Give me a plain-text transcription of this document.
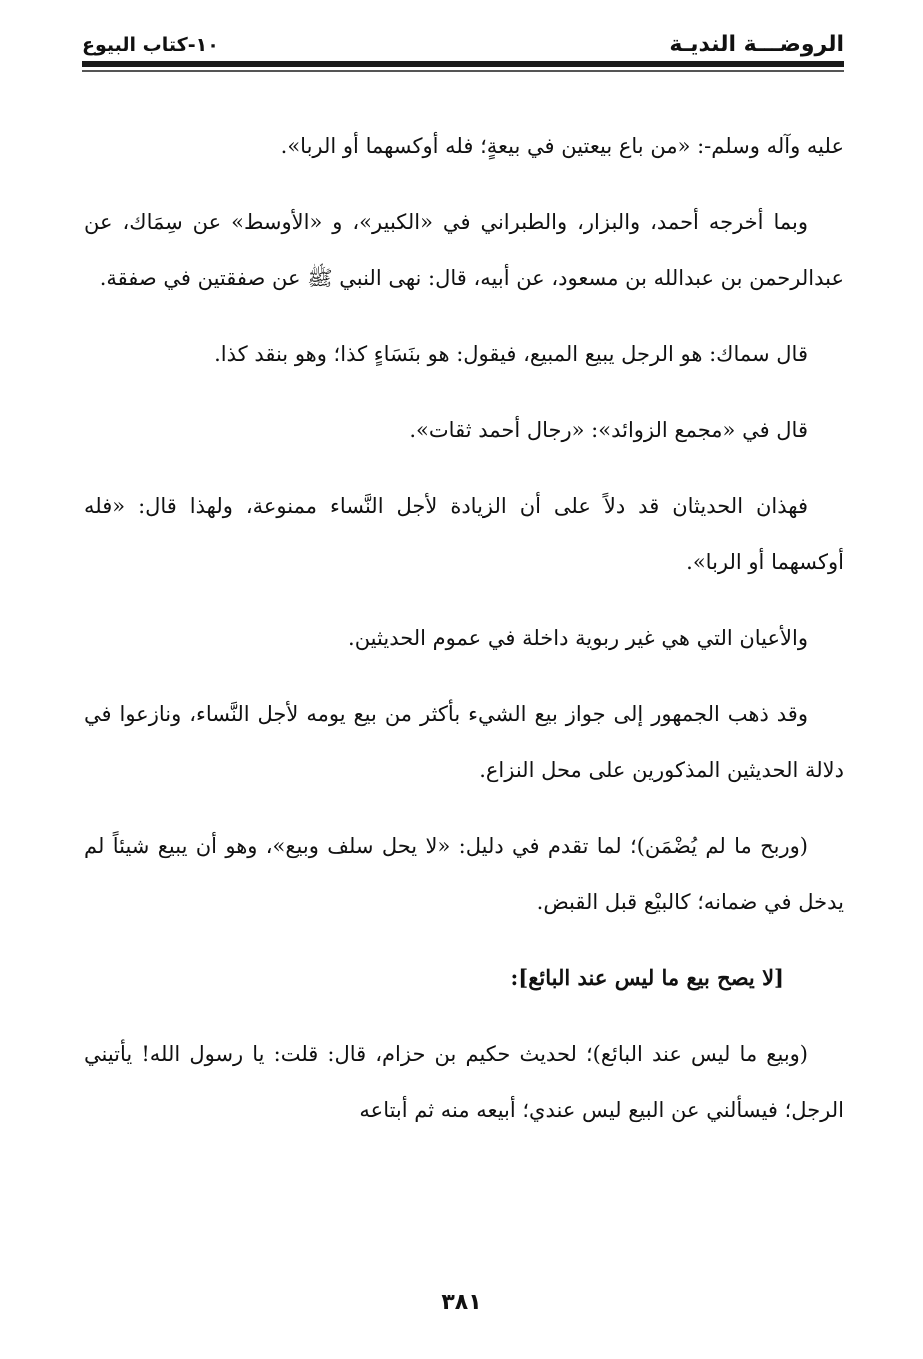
الروضـــة النديـة
١٠-كتاب البيوع

عليه وآله وسلم-: «من باع بيعتين في بيعةٍ؛ فله أوكسهما أو الربا».

وبما أخرجه أحمد، والبزار، والطبراني في «الكبير»، و «الأوسط» عن سِمَاك، عن عبدالرحمن بن عبدالله بن مسعود، عن أبيه، قال: نهى النبي ﷺ عن صفقتين في صفقة.

قال سماك: هو الرجل يبيع المبيع، فيقول: هو بنَسَاءٍ كذا؛ وهو بنقد كذا.

قال في «مجمع الزوائد»: «رجال أحمد ثقات».

فهذان الحديثان قد دلاً على أن الزيادة لأجل النَّساء ممنوعة، ولهذا قال: «فله أوكسهما أو الربا».

والأعيان التي هي غير ربوية داخلة في عموم الحديثين.

وقد ذهب الجمهور إلى جواز بيع الشيء بأكثر من بيع يومه لأجل النَّساء، ونازعوا في دلالة الحديثين المذكورين على محل النزاع.

(وربح ما لم يُضْمَن)؛ لما تقدم في دليل: «لا يحل سلف وبيع»، وهو أن يبيع شيئاً لم يدخل في ضمانه؛ كالبيْع قبل القبض.

[لا يصح بيع ما ليس عند البائع]:

(وبيع ما ليس عند البائع)؛ لحديث حكيم بن حزام، قال: قلت: يا رسول الله! يأتيني الرجل؛ فيسألني عن البيع ليس عندي؛ أبيعه منه ثم أبتاعه

٣٨١
